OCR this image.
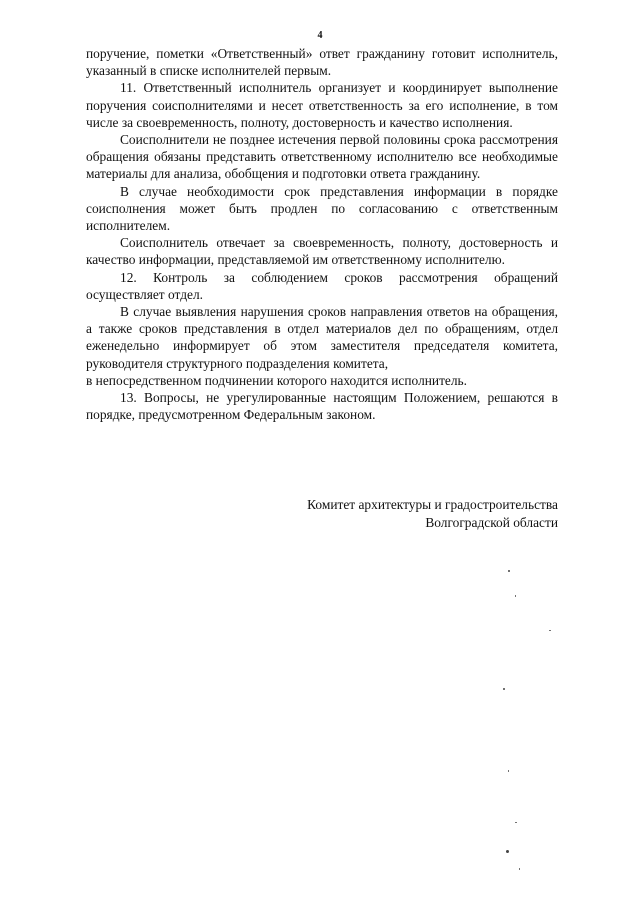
4

поручение, пометки «Ответственный» ответ гражданину готовит исполнитель, указанный в списке исполнителей первым.

11. Ответственный исполнитель организует и координирует выполнение поручения соисполнителями и несет ответственность за его исполнение, в том числе за своевременность, полноту, достоверность и качество исполнения.

Соисполнители не позднее истечения первой половины срока рассмотрения обращения обязаны представить ответственному исполнителю все необходимые материалы для анализа, обобщения и подготовки ответа гражданину.

В случае необходимости срок представления информации в порядке соисполнения может быть продлен по согласованию с ответственным исполнителем.

Соисполнитель отвечает за своевременность, полноту, достоверность и качество информации, представляемой им ответственному исполнителю.

12. Контроль за соблюдением сроков рассмотрения обращений осуществляет отдел.

В случае выявления нарушения сроков направления ответов на обращения, а также сроков представления в отдел материалов дел по обращениям, отдел еженедельно информирует об этом заместителя председателя комитета, руководителя структурного подразделения комитета,

в непосредственном подчинении которого находится исполнитель.

13. Вопросы, не урегулированные настоящим Положением, решаются в порядке, предусмотренном Федеральным законом.

Комитет архитектуры и градостроительства
Волгоградской области
